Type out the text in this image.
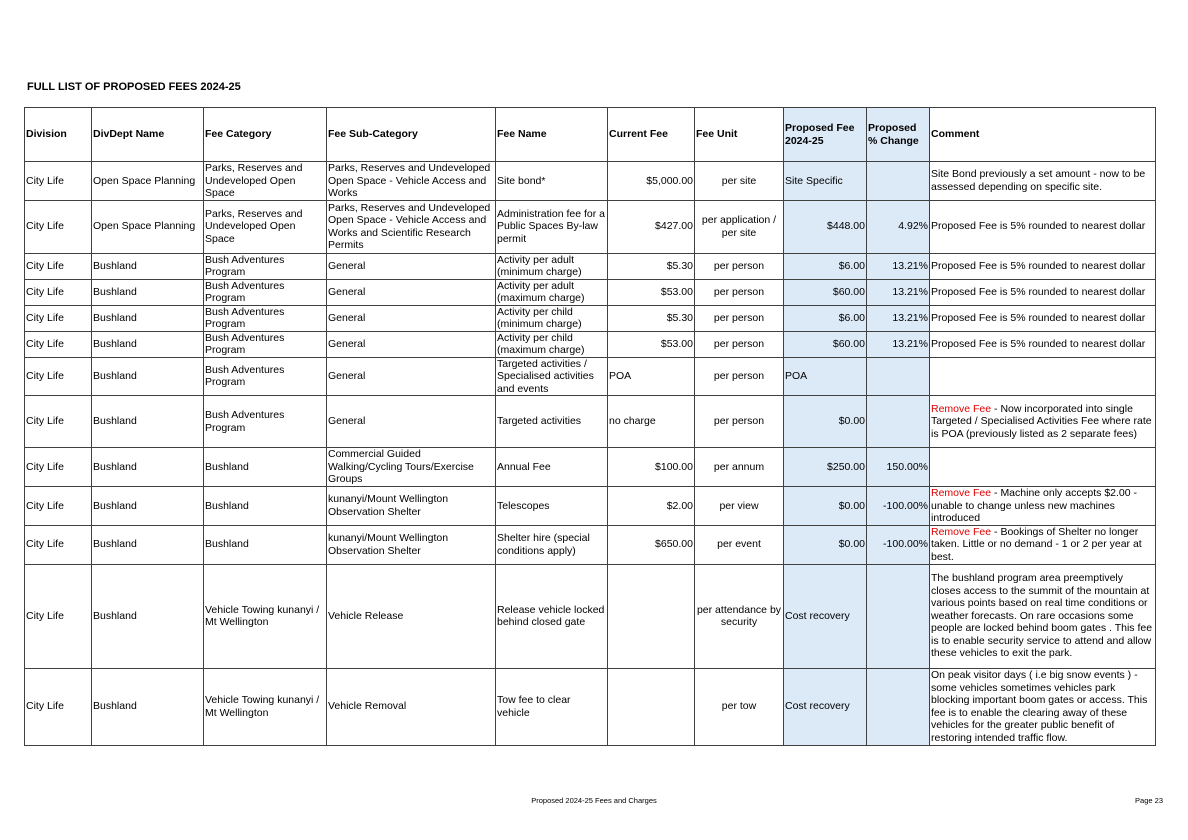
FULL LIST OF PROPOSED FEES 2024-25
Division	DivDept Name	Fee Category	Fee Sub-Category	Fee Name	Current Fee	Fee Unit	Proposed Fee 2024-25	Proposed % Change	Comment
City Life	Open Space Planning	Parks, Reserves and Undeveloped Open Space	Parks, Reserves and Undeveloped Open Space - Vehicle Access and Works	Site bond*	$5,000.00	per site	Site Specific		Site Bond previously a set amount - now to be assessed depending on specific site.
City Life	Open Space Planning	Parks, Reserves and Undeveloped Open Space	Parks, Reserves and Undeveloped Open Space - Vehicle Access and Works and Scientific Research Permits	Administration fee for a Public Spaces By-law permit	$427.00	per application / per site	$448.00	4.92%	Proposed Fee is 5% rounded to nearest dollar
City Life	Bushland	Bush Adventures Program	General	Activity per adult (minimum charge)	$5.30	per person	$6.00	13.21%	Proposed Fee is 5% rounded to nearest dollar
City Life	Bushland	Bush Adventures Program	General	Activity per adult (maximum charge)	$53.00	per person	$60.00	13.21%	Proposed Fee is 5% rounded to nearest dollar
City Life	Bushland	Bush Adventures Program	General	Activity per child (minimum charge)	$5.30	per person	$6.00	13.21%	Proposed Fee is 5% rounded to nearest dollar
City Life	Bushland	Bush Adventures Program	General	Activity per child (maximum charge)	$53.00	per person	$60.00	13.21%	Proposed Fee is 5% rounded to nearest dollar
City Life	Bushland	Bush Adventures Program	General	Targeted activities / Specialised activities and events	POA	per person	POA		
City Life	Bushland	Bush Adventures Program	General	Targeted activities	no charge	per person	$0.00		Remove Fee - Now incorporated into single Targeted / Specialised Activities Fee where rate is POA (previously listed as 2 separate fees)
City Life	Bushland	Bushland	Commercial Guided Walking/Cycling Tours/Exercise Groups	Annual Fee	$100.00	per annum	$250.00	150.00%	
City Life	Bushland	Bushland	kunanyi/Mount Wellington Observation Shelter	Telescopes	$2.00	per view	$0.00	-100.00%	Remove Fee - Machine only accepts $2.00 - unable to change unless new machines introduced
City Life	Bushland	Bushland	kunanyi/Mount Wellington Observation Shelter	Shelter hire (special conditions apply)	$650.00	per event	$0.00	-100.00%	Remove Fee - Bookings of Shelter no longer taken. Little or no demand - 1 or 2 per year at best.
City Life	Bushland	Vehicle Towing kunanyi / Mt Wellington	Vehicle Release	Release vehicle locked behind closed gate		per attendance by security	Cost recovery		The bushland program area preemptively closes access to the summit of the mountain at various points based on real time conditions or weather forecasts. On rare occasions some people are locked behind boom gates . This fee is to enable security service to attend and allow these vehicles to exit the park.
City Life	Bushland	Vehicle Towing kunanyi / Mt Wellington	Vehicle Removal	Tow fee to clear vehicle		per tow	Cost recovery		On peak visitor days ( i.e big snow events ) - some vehicles sometimes vehicles park blocking important boom gates or access. This fee is to enable the clearing away of these vehicles for the greater public benefit of restoring intended traffic flow.
Proposed 2024-25 Fees and Charges	Page 23
